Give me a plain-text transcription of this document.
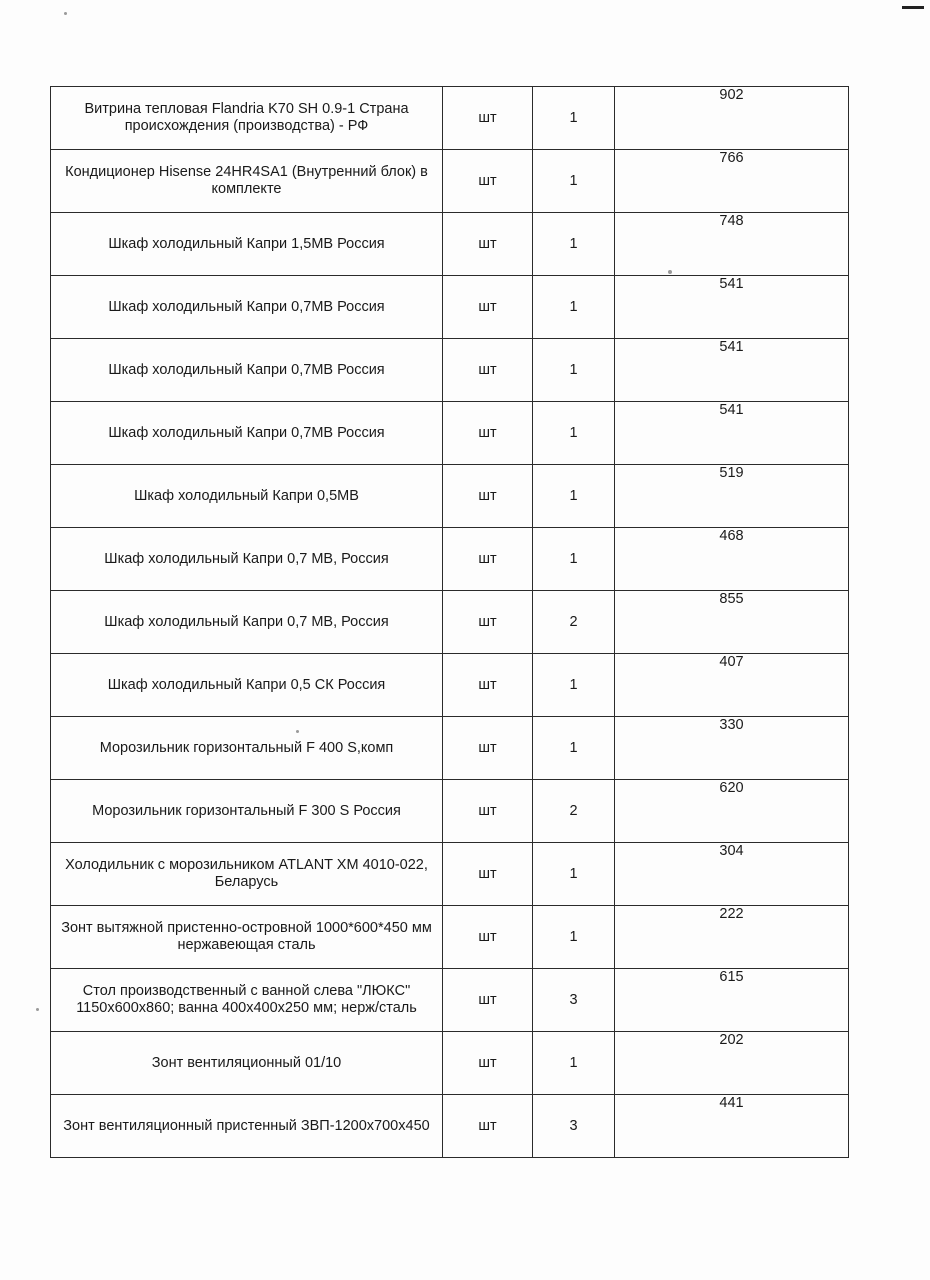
Витрина тепловая Flandria K70 SH 0.9-1 Страна происхождения (производства) - РФ	шт	1	902
Кондиционер Hisense 24HR4SA1 (Внутренний блок) в комплекте	шт	1	766
Шкаф холодильный Капри 1,5МВ Россия	шт	1	748
Шкаф холодильный Капри 0,7МВ Россия	шт	1	541
Шкаф холодильный Капри 0,7МВ Россия	шт	1	541
Шкаф холодильный Капри 0,7МВ Россия	шт	1	541
Шкаф холодильный Капри 0,5МВ	шт	1	519
Шкаф холодильный Капри 0,7 МВ, Россия	шт	1	468
Шкаф холодильный Капри 0,7 МВ, Россия	шт	2	855
Шкаф холодильный Капри 0,5 СК Россия	шт	1	407
Морозильник горизонтальный F 400 S,комп	шт	1	330
Морозильник горизонтальный F 300 S Россия	шт	2	620
Холодильник с морозильником ATLANT XM 4010-022, Беларусь	шт	1	304
Зонт вытяжной пристенно-островной 1000*600*450 мм нержавеющая сталь	шт	1	222
Стол производственный с ванной слева "ЛЮКС" 1150x600x860; ванна 400x400x250 мм; нерж/сталь	шт	3	615
Зонт вентиляционный 01/10	шт	1	202
Зонт вентиляционный пристенный ЗВП-1200x700x450	шт	3	441
